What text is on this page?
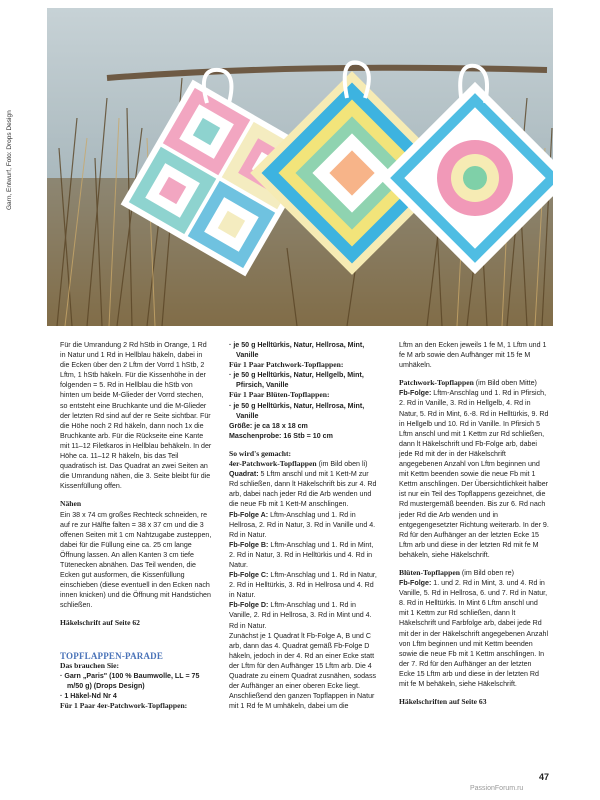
Garn, Entwurf, Foto: Drops Design

Für die Umrandung 2 Rd hStb in Orange, 1 Rd in Natur und 1 Rd in Hellblau häkeln, dabei in die Ecken über den 2 Lftm der Vorrd 1 hStb, 2 Lftm, 1 hStb häkeln. Für die Kissenhöhe in der folgenden = 5. Rd in Hellblau die hStb von hinten um beide M-Glieder der Vorrd stechen, so entsteht eine Bruchkante und die M-Glieder der letzten Rd sind auf der re Seite sichtbar. Für die Höhe noch 2 Rd häkeln, dann noch 1x die Bruchkante arb. Für die Rückseite eine Kante mit 11–12 Filetkaros in Hellblau behäkeln. In der Höhe ca. 11–12 R häkeln, bis das Teil quadratisch ist. Das Quadrat an zwei Seiten an die Umrandung nähen, die 3. Seite bleibt für die Kissenfüllung offen.

Nähen

Ein 38 x 74 cm großes Rechteck schneiden, re auf re zur Hälfte falten = 38 x 37 cm und die 3 offenen Seiten mit 1 cm Nahtzugabe zusteppen, dabei für die Füllung eine ca. 25 cm lange Öffnung lassen. An allen Kanten 3 cm tiefe Tütenecken abnähen. Das Teil wenden, die Ecken gut ausformen, die Kissenfüllung einschieben (diese eventuell in den Ecken nach innen knicken) und die Öffnung mit Handstichen schließen.

Häkelschrift auf Seite 62

TOPFLAPPEN-PARADE

Das brauchen Sie:

· Garn „Paris" (100 % Baumwolle, LL = 75 m/50 g) (Drops Design)

· 1 Häkel-Nd Nr 4

Für 1 Paar 4er-Patchwork-Topflappen:

· je 50 g Helltürkis, Natur, Hellrosa, Mint, Vanille

Für 1 Paar Patchwork-Topflappen:

· je 50 g Helltürkis, Natur, Hellgelb, Mint, Pfirsich, Vanille

Für 1 Paar Blüten-Topflappen:

· je 50 g Helltürkis, Natur, Hellrosa, Mint, Vanille

Größe: je ca 18 x 18 cm

Maschenprobe: 16 Stb = 10 cm

So wird's gemacht:

4er-Patchwork-Topflappen (im Bild oben li)

Quadrat: 5 Lftm anschl und mit 1 Kett-M zur Rd schließen, dann lt Häkelschrift bis zur 4. Rd arb, dabei nach jeder Rd die Arb wenden und die neue Fb mit 1 Kett-M anschlingen.

Fb-Folge A: Lftm-Anschlag und 1. Rd in Hellrosa, 2. Rd in Natur, 3. Rd in Vanille und 4. Rd in Natur.

Fb-Folge B: Lftm-Anschlag und 1. Rd in Mint, 2. Rd in Natur, 3. Rd in Helltürkis und 4. Rd in Natur.

Fb-Folge C: Lftm-Anschlag und 1. Rd in Natur, 2. Rd in Helltürkis, 3. Rd in Hellrosa und 4. Rd in Natur.

Fb-Folge D: Lftm-Anschlag und 1. Rd in Vanille, 2. Rd in Hellrosa, 3. Rd in Mint und 4. Rd in Natur.

Zunächst je 1 Quadrat lt Fb-Folge A, B und C arb, dann das 4. Quadrat gemäß Fb-Folge D häkeln, jedoch in der 4. Rd an einer Ecke statt der Lftm für den Aufhänger 15 Lftm arb. Die 4 Quadrate zu einem Quadrat zusnähen, sodass der Aufhänger an einer oberen Ecke liegt. Anschließend den ganzen Topflappen in Natur mit 1 Rd fe M umhäkeln, dabei um die

Lftm an den Ecken jeweils 1 fe M, 1 Lftm und 1 fe M arb sowie den Aufhänger mit 15 fe M umhäkeln.

Patchwork-Topflappen (im Bild oben Mitte)

Fb-Folge: Lftm-Anschlag und 1. Rd in Pfirsich, 2. Rd in Vanille, 3. Rd in Hellgelb, 4. Rd in Natur, 5. Rd in Mint, 6.-8. Rd in Helltürkis, 9. Rd in Hellgelb und 10. Rd in Vanille. In Pfirsich 5 Lftm anschl und mit 1 Kettm zur Rd schließen, dann lt Häkelschrift und Fb-Folge arb, dabei jede Rd mit der in der Häkelschrift angegebenen Anzahl von Lftm beginnen und mit Kettm beenden sowie die neue Fb mit 1 Kettm anschlingen. Der Übersichtlichkeit halber ist nur ein Teil des Topflappens gezeichnet, die Rd mustergemäß beenden. Bis zur 6. Rd nach jeder Rd die Arb wenden und in entgegengesetzter Richtung weiterarb. In der 9. Rd für den Aufhänger an der letzten Ecke 15 Lftm arb und diese in der letzten Rd mit fe M behäkeln, siehe Häkelschrift.

Blüten-Topflappen (im Bild oben re)

Fb-Folge: 1. und 2. Rd in Mint, 3. und 4. Rd in Vanille, 5. Rd in Hellrosa, 6. und 7. Rd in Natur, 8. Rd in Helltürkis. In Mint 6 Lftm anschl und mit 1 Kettm zur Rd schließen, dann lt Häkelschrift und Farbfolge arb, dabei jede Rd mit der in der Häkelschrift angegebenen Anzahl von Lftm beginnen und mit Kettm beenden sowie die neue Fb mit 1 Kettm anschlingen. In der 7. Rd für den Aufhänger an der letzten Ecke 15 Lftm arb und diese in der letzten Rd mit fe M behäkeln, siehe Häkelschrift.

Häkelschriften auf Seite 63

47
PassionForum.ru
